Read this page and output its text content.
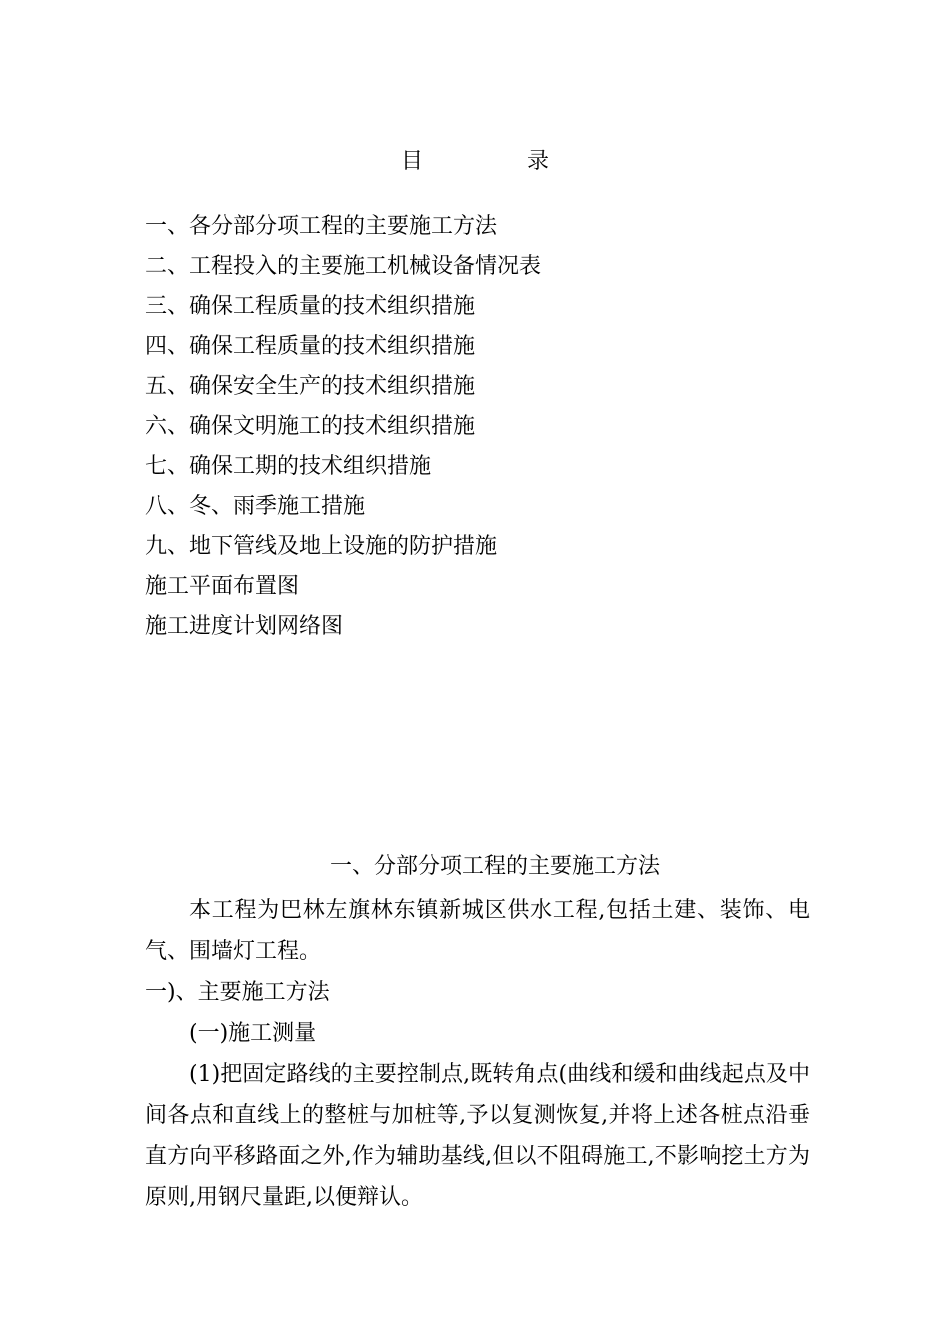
目	录
一、各分部分项工程的主要施工方法
二、工程投入的主要施工机械设备情况表
三、确保工程质量的技术组织措施
四、确保工程质量的技术组织措施
五、确保安全生产的技术组织措施
六、确保文明施工的技术组织措施
七、确保工期的技术组织措施
八、冬、雨季施工措施
九、地下管线及地上设施的防护措施
施工平面布置图
施工进度计划网络图
一、分部分项工程的主要施工方法

本工程为巴林左旗林东镇新城区供水工程,包括土建、装饰、电气、围墙灯工程。

一)、主要施工方法

(一)施工测量

(1)把固定路线的主要控制点,既转角点(曲线和缓和曲线起点及中间各点和直线上的整桩与加桩等,予以复测恢复,并将上述各桩点沿垂直方向平移路面之外,作为辅助基线,但以不阻碍施工,不影响挖土方为原则,用钢尺量距,以便辩认。
